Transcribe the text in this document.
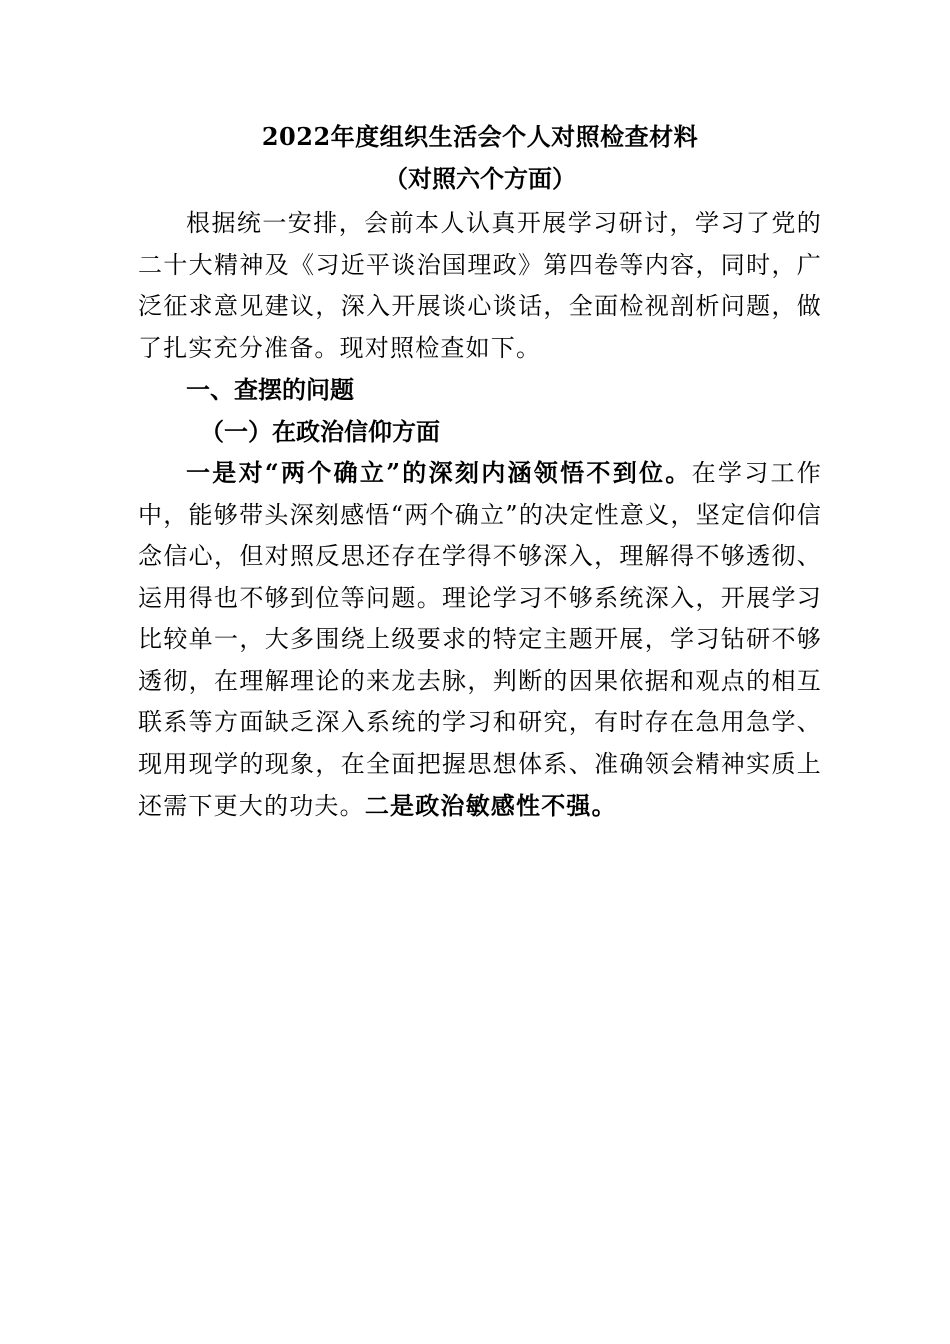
2022年度组织生活会个人对照检查材料

（对照六个方面）

根据统一安排，会前本人认真开展学习研讨，学习了党的二十大精神及《习近平谈治国理政》第四卷等内容，同时，广泛征求意见建议，深入开展谈心谈话，全面检视剖析问题，做了扎实充分准备。现对照检查如下。

一、查摆的问题

（一）在政治信仰方面

一是对“两个确立”的深刻内涵领悟不到位。在学习工作中，能够带头深刻感悟“两个确立”的决定性意义，坚定信仰信念信心，但对照反思还存在学得不够深入，理解得不够透彻、运用得也不够到位等问题。理论学习不够系统深入，开展学习比较单一，大多围绕上级要求的特定主题开展，学习钻研不够透彻，在理解理论的来龙去脉，判断的因果依据和观点的相互联系等方面缺乏深入系统的学习和研究，有时存在急用急学、现用现学的现象，在全面把握思想体系、准确领会精神实质上还需下更大的功夫。二是政治敏感性不强。
